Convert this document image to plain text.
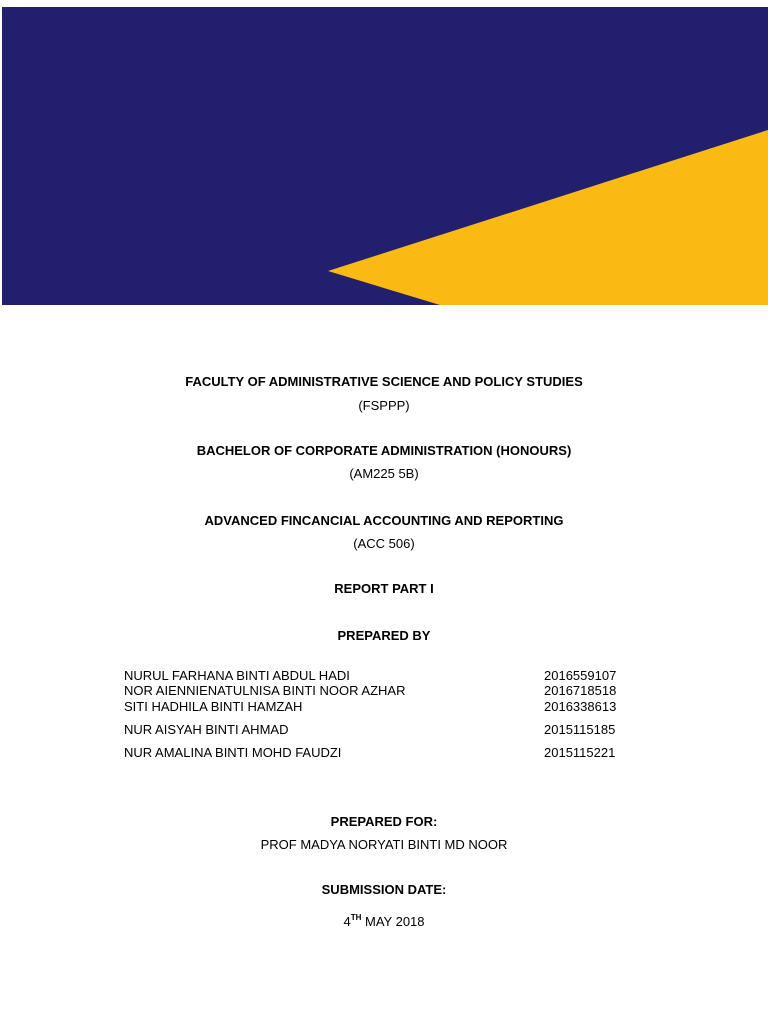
FACULTY OF ADMINISTRATIVE SCIENCE AND POLICY STUDIES
(FSPPP)
BACHELOR OF CORPORATE ADMINISTRATION (HONOURS)
(AM225 5B)
ADVANCED FINCANCIAL ACCOUNTING AND REPORTING
(ACC 506)
REPORT PART I
PREPARED BY
NURUL FARHANA BINTI ABDUL HADI	2016559107
NOR AIENNIENATULNISA BINTI NOOR AZHAR	2016718518
SITI HADHILA BINTI HAMZAH	2016338613
NUR AISYAH BINTI AHMAD	2015115185
NUR AMALINA BINTI MOHD FAUDZI	2015115221
PREPARED FOR:
PROF MADYA NORYATI BINTI MD NOOR
SUBMISSION DATE:
4TH MAY 2018
